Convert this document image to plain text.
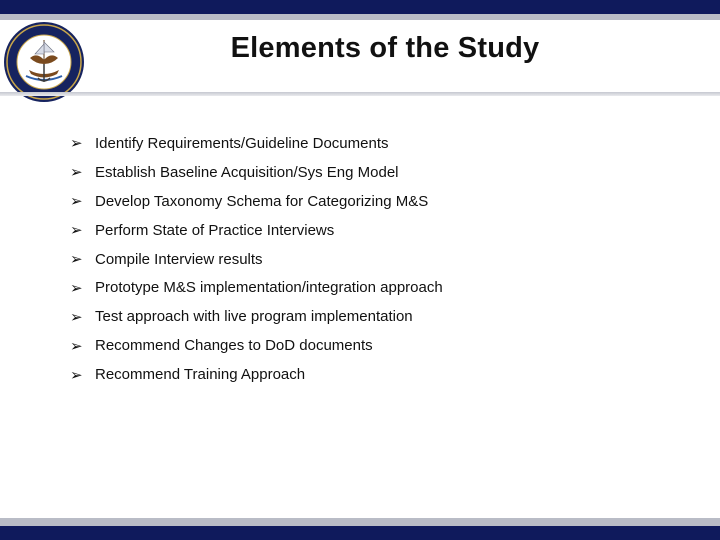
Elements of the Study
➢ Identify Requirements/Guideline Documents
➢ Establish Baseline Acquisition/Sys Eng Model
➢ Develop Taxonomy Schema for Categorizing M&S
➢ Perform State of Practice Interviews
➢ Compile Interview results
➢ Prototype M&S implementation/integration approach
➢ Test approach with live program implementation
➢ Recommend Changes to DoD documents
➢ Recommend Training Approach
